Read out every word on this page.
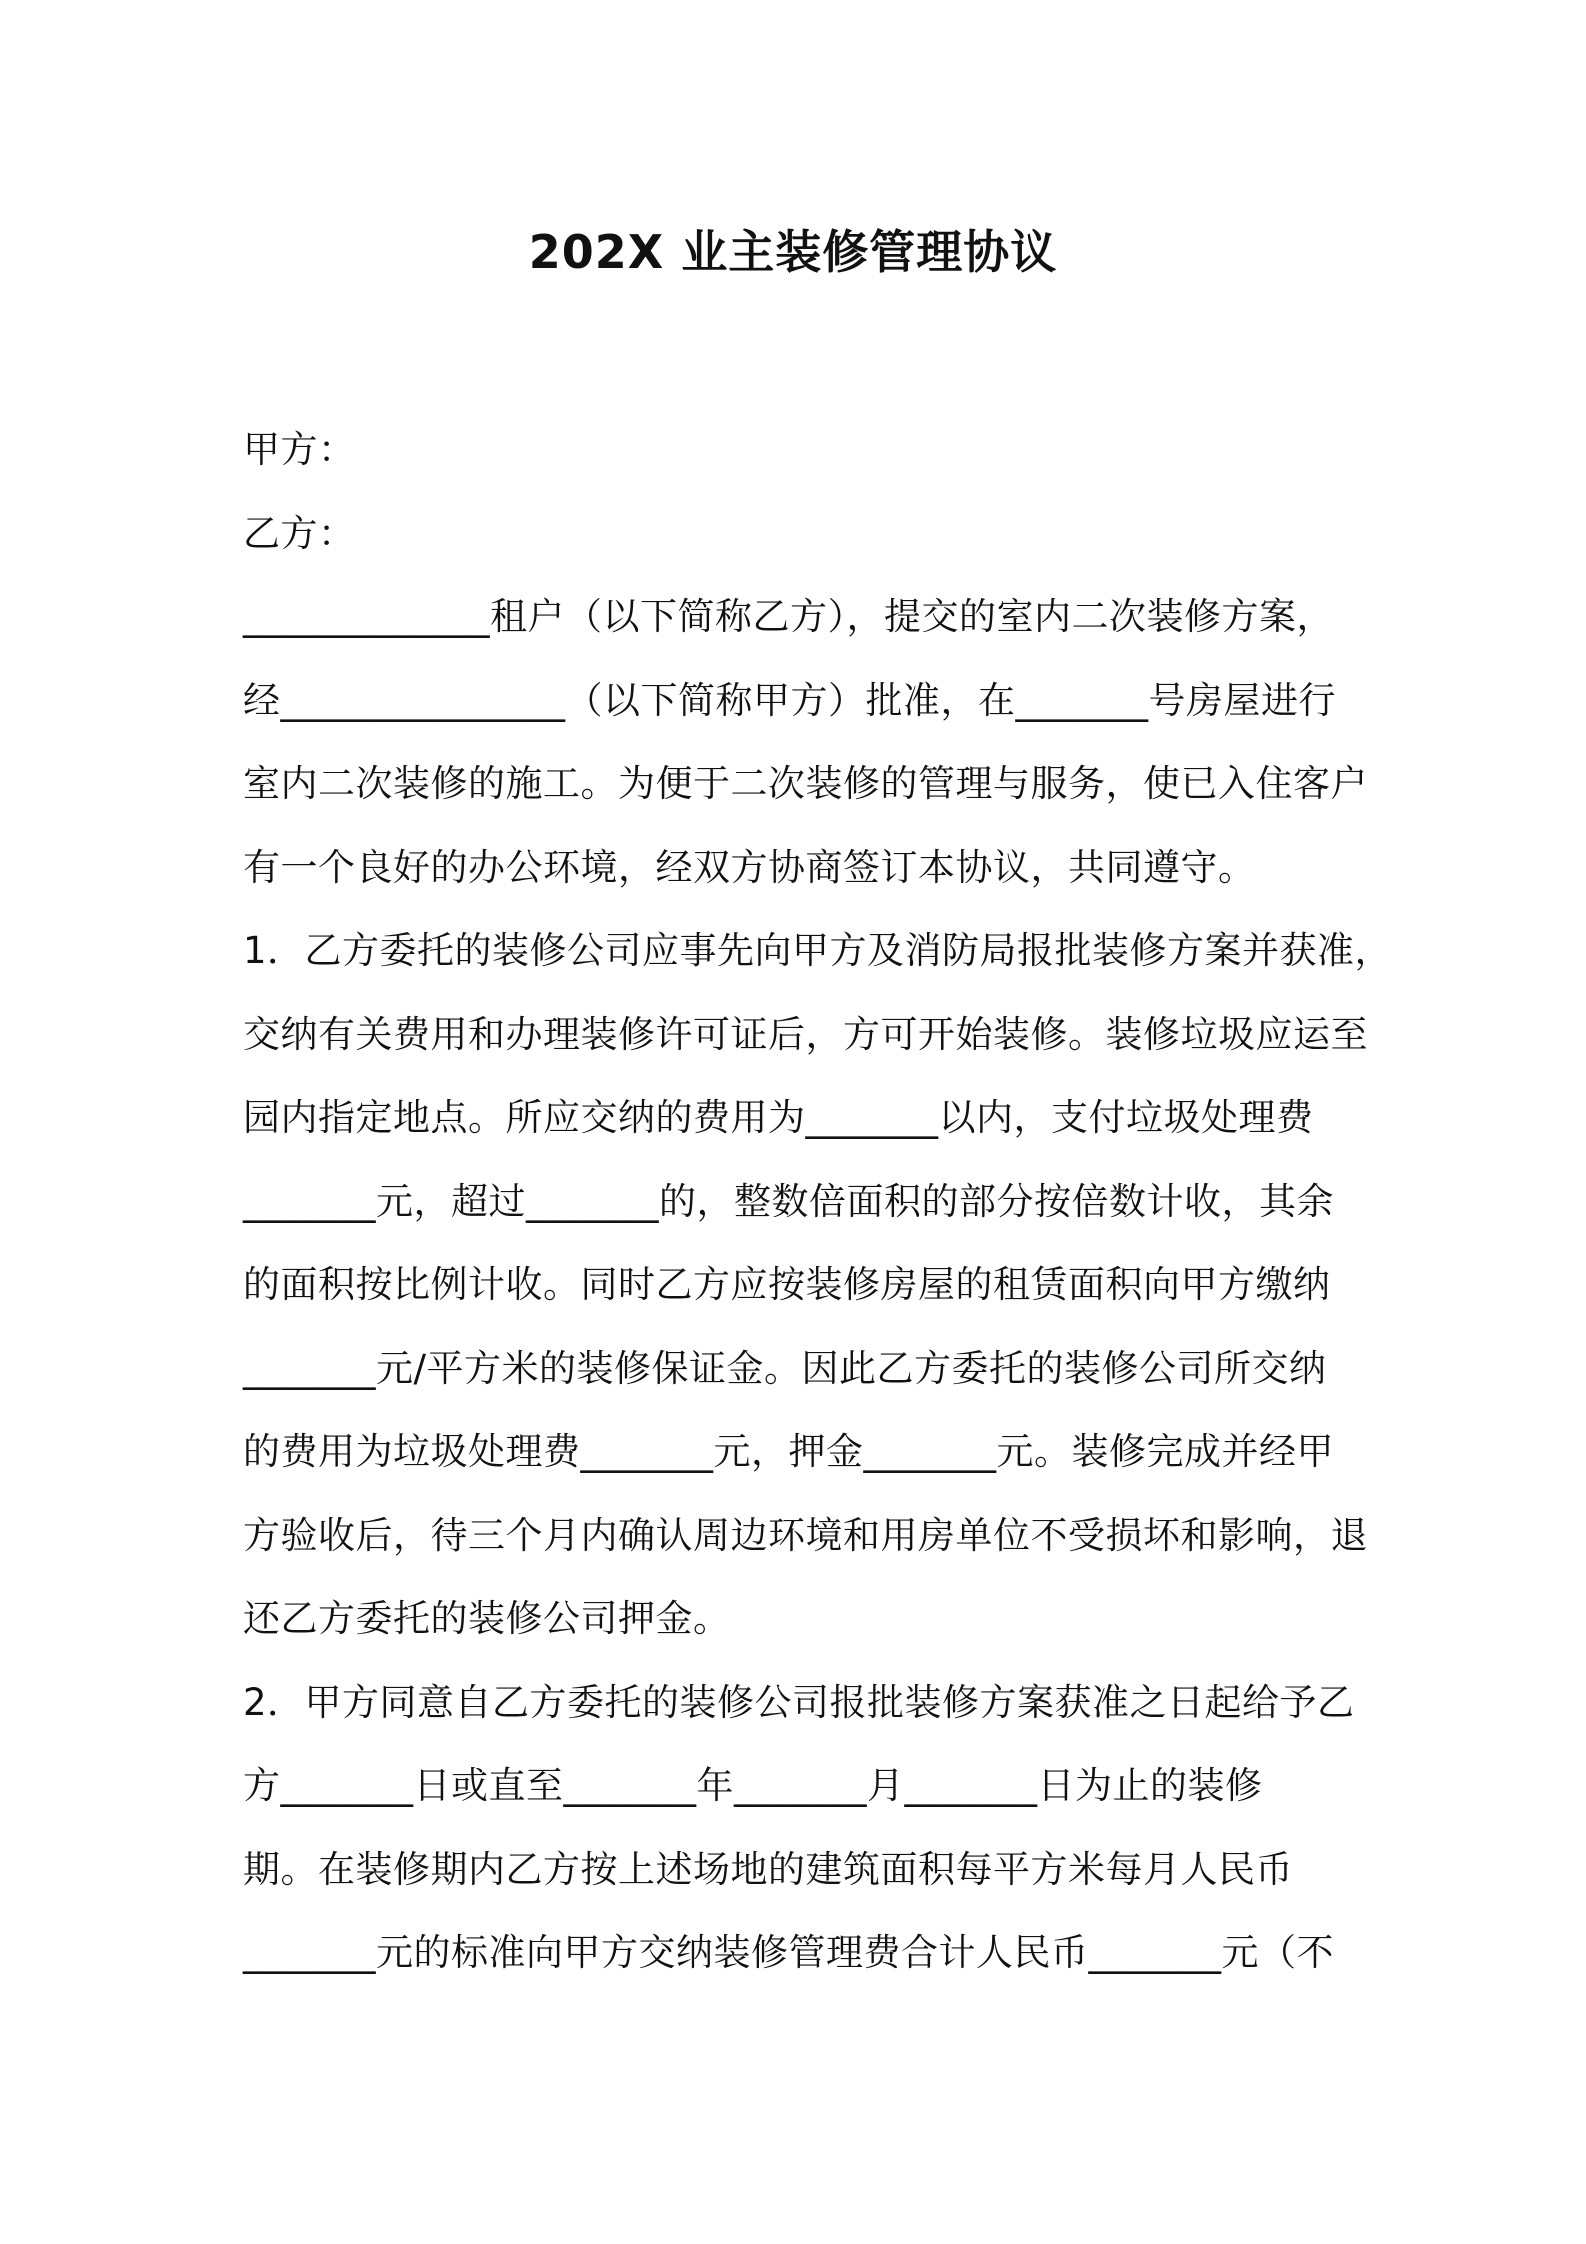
202X 业主装修管理协议
甲方：
乙方：
_____________租户（以下简称乙方），提交的室内二次装修方案，
经_______________（以下简称甲方）批准，在_______号房屋进行
室内二次装修的施工。为便于二次装修的管理与服务，使已入住客户
有一个良好的办公环境，经双方协商签订本协议，共同遵守。
1．乙方委托的装修公司应事先向甲方及消防局报批装修方案并获准，
交纳有关费用和办理装修许可证后，方可开始装修。装修垃圾应运至
园内指定地点。所应交纳的费用为_______以内，支付垃圾处理费
_______元，超过_______的，整数倍面积的部分按倍数计收，其余
的面积按比例计收。同时乙方应按装修房屋的租赁面积向甲方缴纳
_______元/平方米的装修保证金。因此乙方委托的装修公司所交纳
的费用为垃圾处理费_______元，押金_______元。装修完成并经甲
方验收后，待三个月内确认周边环境和用房单位不受损坏和影响，退
还乙方委托的装修公司押金。
2．甲方同意自乙方委托的装修公司报批装修方案获准之日起给予乙
方_______日或直至_______年_______月_______日为止的装修
期。在装修期内乙方按上述场地的建筑面积每平方米每月人民币
_______元的标准向甲方交纳装修管理费合计人民币_______元（不
